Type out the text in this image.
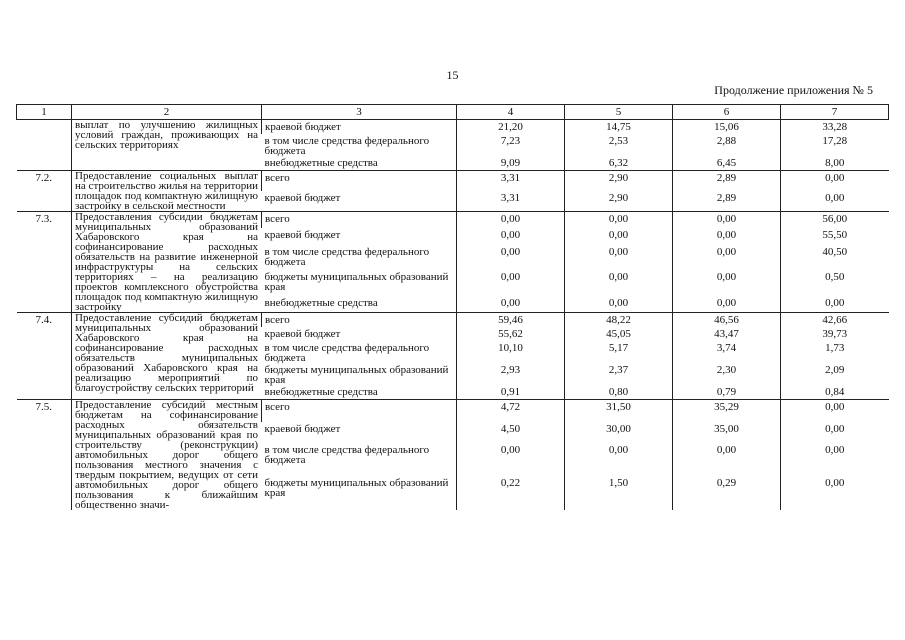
15
Продолжение приложения № 5
1	2	3	4	5	6	7
	выплат по улучшению жилищных условий граждан, проживающих на сельских территориях	краевой бюджет	21,20	14,75	15,06	33,28
		в том числе средства федерального бюджета	7,23	2,53	2,88	17,28
		внебюджетные средства	9,09	6,32	6,45	8,00
7.2.	Предоставление социальных выплат на строительство жилья на территории площадок под компактную жилищную застройку в сельской местности	всего	3,31	2,90	2,89	0,00
		краевой бюджет	3,31	2,90	2,89	0,00
7.3.	Предоставления субсидии бюджетам муниципальных образований Хабаровского края на софинансирование расходных обязательств на развитие инженерной инфраструктуры на сельских территориях – на реализацию проектов комплексного обустройства площадок под компактную жилищную застройку	всего	0,00	0,00	0,00	56,00
		краевой бюджет	0,00	0,00	0,00	55,50
		в том числе средства федерального бюджета	0,00	0,00	0,00	40,50
		бюджеты муниципальных образований края	0,00	0,00	0,00	0,50
		внебюджетные средства	0,00	0,00	0,00	0,00
7.4.	Предоставление субсидий бюджетам муниципальных образований Хабаровского края на софинансирование расходных обязательств муниципальных образований Хабаровского края на реализацию мероприятий по благоустройству сельских территорий	всего	59,46	48,22	46,56	42,66
		краевой бюджет	55,62	45,05	43,47	39,73
		в том числе средства федерального бюджета	10,10	5,17	3,74	1,73
		бюджеты муниципальных образований края	2,93	2,37	2,30	2,09
		внебюджетные средства	0,91	0,80	0,79	0,84
7.5.	Предоставление субсидий местным бюджетам на софинансирование расходных обязательств муниципальных образований края по строительству (реконструкции) автомобильных дорог общего пользования местного значения с твердым покрытием, ведущих от сети автомобильных дорог общего пользования к ближайшим общественно значи-	всего	4,72	31,50	35,29	0,00
		краевой бюджет	4,50	30,00	35,00	0,00
		в том числе средства федерального бюджета	0,00	0,00	0,00	0,00
		бюджеты муниципальных образований края	0,22	1,50	0,29	0,00
